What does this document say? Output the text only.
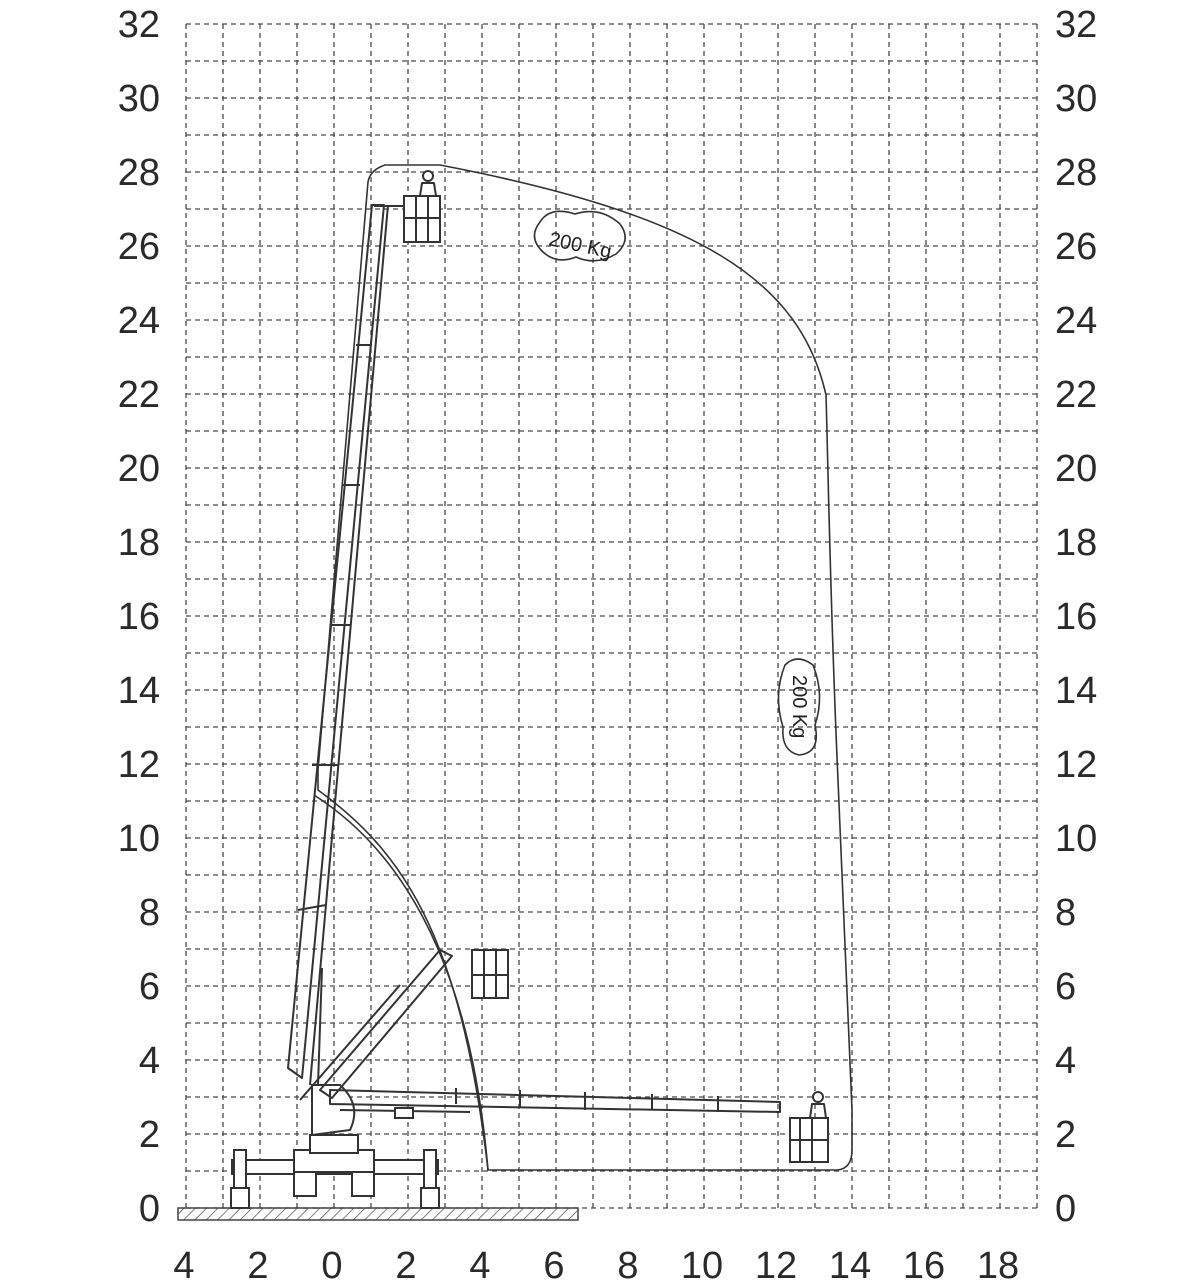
0
2
4
6
8
10
12
14
16
18
20
22
24
26
28
30
32
0
2
4
6
8
10
12
14
16
18
20
22
24
26
28
30
32
4 2 0 2 4 6 8 10 12 14 16 18
200 Kg
200 Kg
